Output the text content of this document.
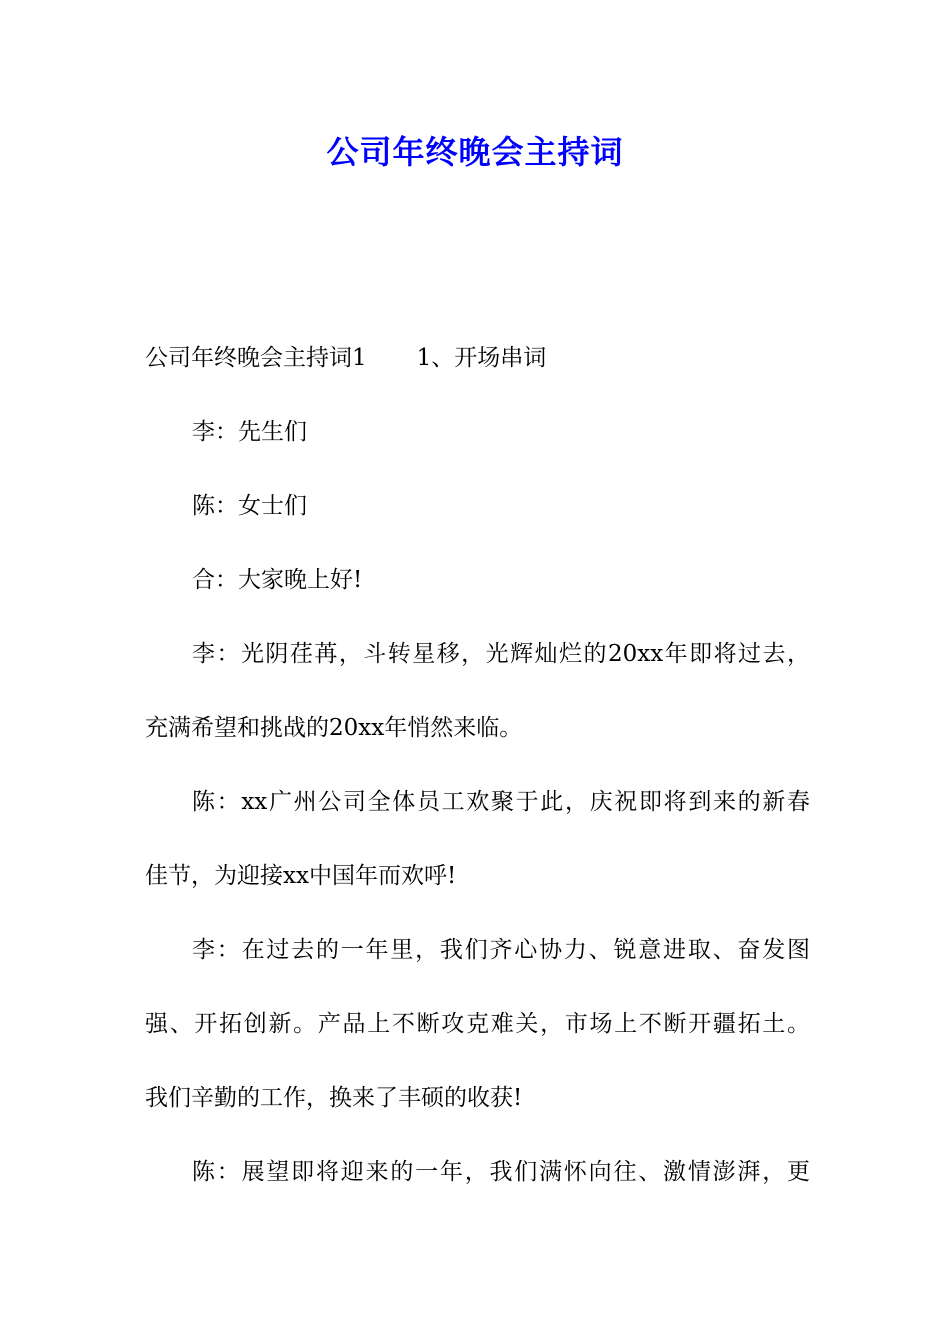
公司年终晚会主持词
公司年终晚会主持词1 1、开场串词
李：先生们
陈：女士们
合：大家晚上好!
李：光阴荏苒，斗转星移，光辉灿烂的20xx年即将过去，
充满希望和挑战的20xx年悄然来临。
陈：xx广州公司全体员工欢聚于此，庆祝即将到来的新春
佳节，为迎接xx中国年而欢呼!
李：在过去的一年里，我们齐心协力、锐意进取、奋发图
强、开拓创新。产品上不断攻克难关，市场上不断开疆拓土。
我们辛勤的工作，换来了丰硕的收获!
陈：展望即将迎来的一年，我们满怀向往、激情澎湃，更
